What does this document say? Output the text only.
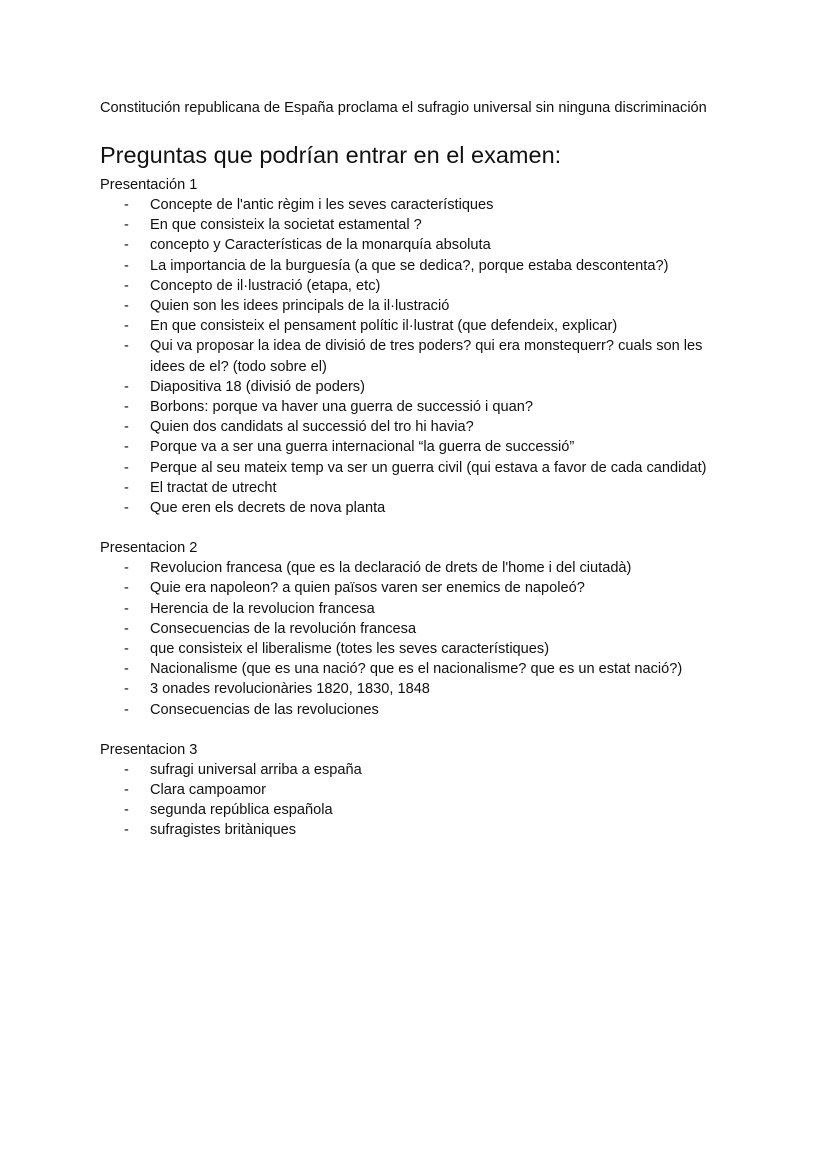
Constitución republicana de España proclama el sufragio universal sin ninguna discriminación

Preguntas que podrían entrar en el examen:

Presentación 1

- Concepte de l'antic règim i les seves característiques
- En que consisteix la societat estamental ?
- concepto y Características de la monarquía absoluta
- La importancia de la burguesía (a que se dedica?, porque estaba descontenta?)
- Concepto de il·lustració (etapa, etc)
- Quien son les idees principals de la il·lustració
- En que consisteix el pensament polític il·lustrat (que defendeix, explicar)
- Qui va proposar la idea de divisió de tres poders? qui era monstequerr? cuals son les idees de el? (todo sobre el)
- Diapositiva 18 (divisió de poders)
- Borbons: porque va haver una guerra de successió i quan?
- Quien dos candidats al successió del tro hi havia?
- Porque va a ser una guerra internacional “la guerra de successió”
- Perque al seu mateix temp va ser un guerra civil (qui estava a favor de cada candidat)
- El tractat de utrecht
- Que eren els decrets de nova planta

Presentacion 2

- Revolucion francesa (que es la declaració de drets de l'home i del ciutadà)
- Quie era napoleon? a quien països varen ser enemics de napoleó?
- Herencia de la revolucion francesa
- Consecuencias de la revolución francesa
- que consisteix el liberalisme (totes les seves característiques)
- Nacionalisme (que es una nació? que es el nacionalisme? que es un estat nació?)
- 3 onades revolucionàries 1820, 1830, 1848
- Consecuencias de las revoluciones

Presentacion 3

- sufragi universal arriba a españa
- Clara campoamor
- segunda república española
- sufragistes britàniques
